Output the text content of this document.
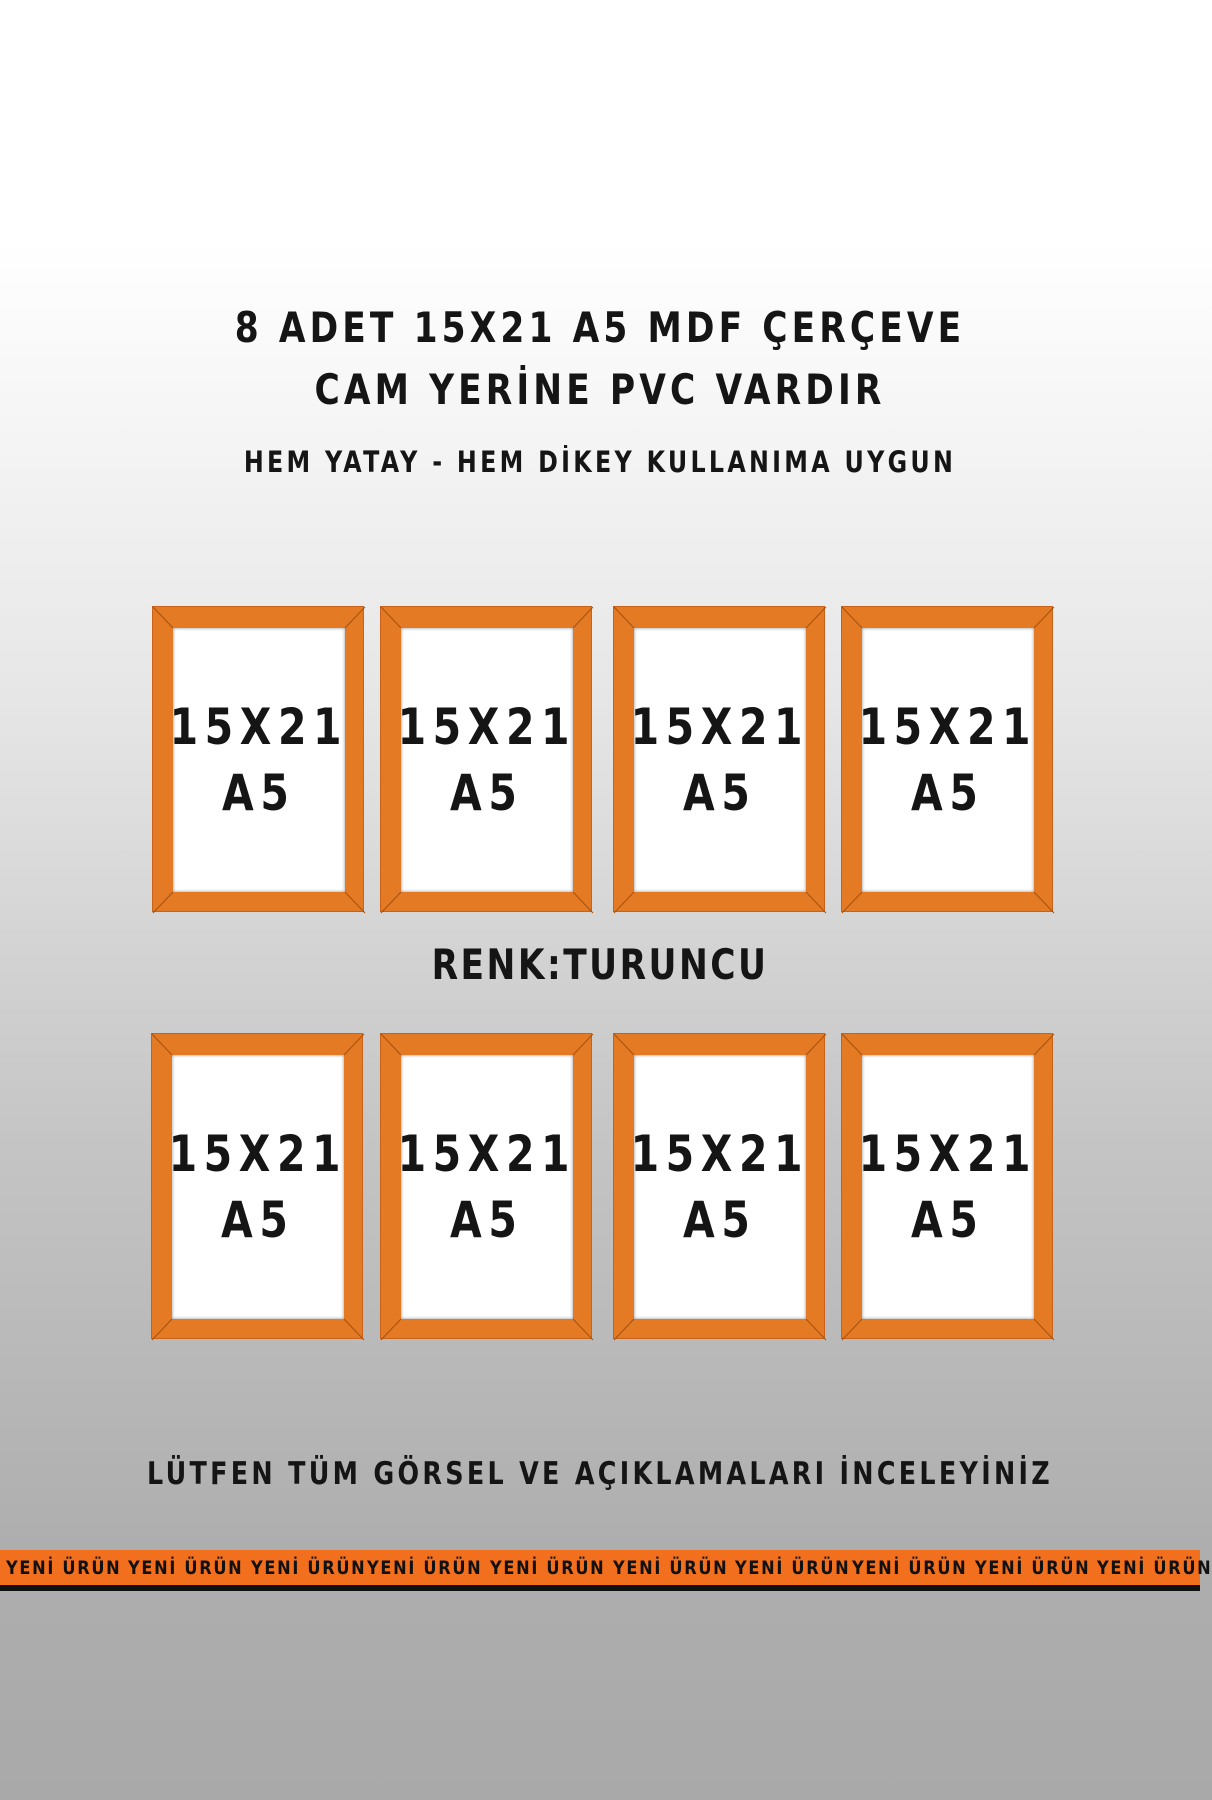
8 ADET 15X21 A5 MDF ÇERÇEVE
CAM YERİNE PVC VARDIR
HEM YATAY - HEM DİKEY KULLANIMA UYGUN
15X21
A5
15X21
A5
15X21
A5
15X21
A5
RENK:TURUNCU
15X21
A5
15X21
A5
15X21
A5
15X21
A5
LÜTFEN TÜM GÖRSEL VE AÇIKLAMALARI İNCELEYİNİZ
YENİ ÜRÜN YENİ ÜRÜN YENİ ÜRÜN YENİ ÜRÜN YENİ ÜRÜN YENİ ÜRÜN YENİ ÜRÜN YENİ ÜRÜN YENİ ÜRÜN YENİ ÜRÜN
